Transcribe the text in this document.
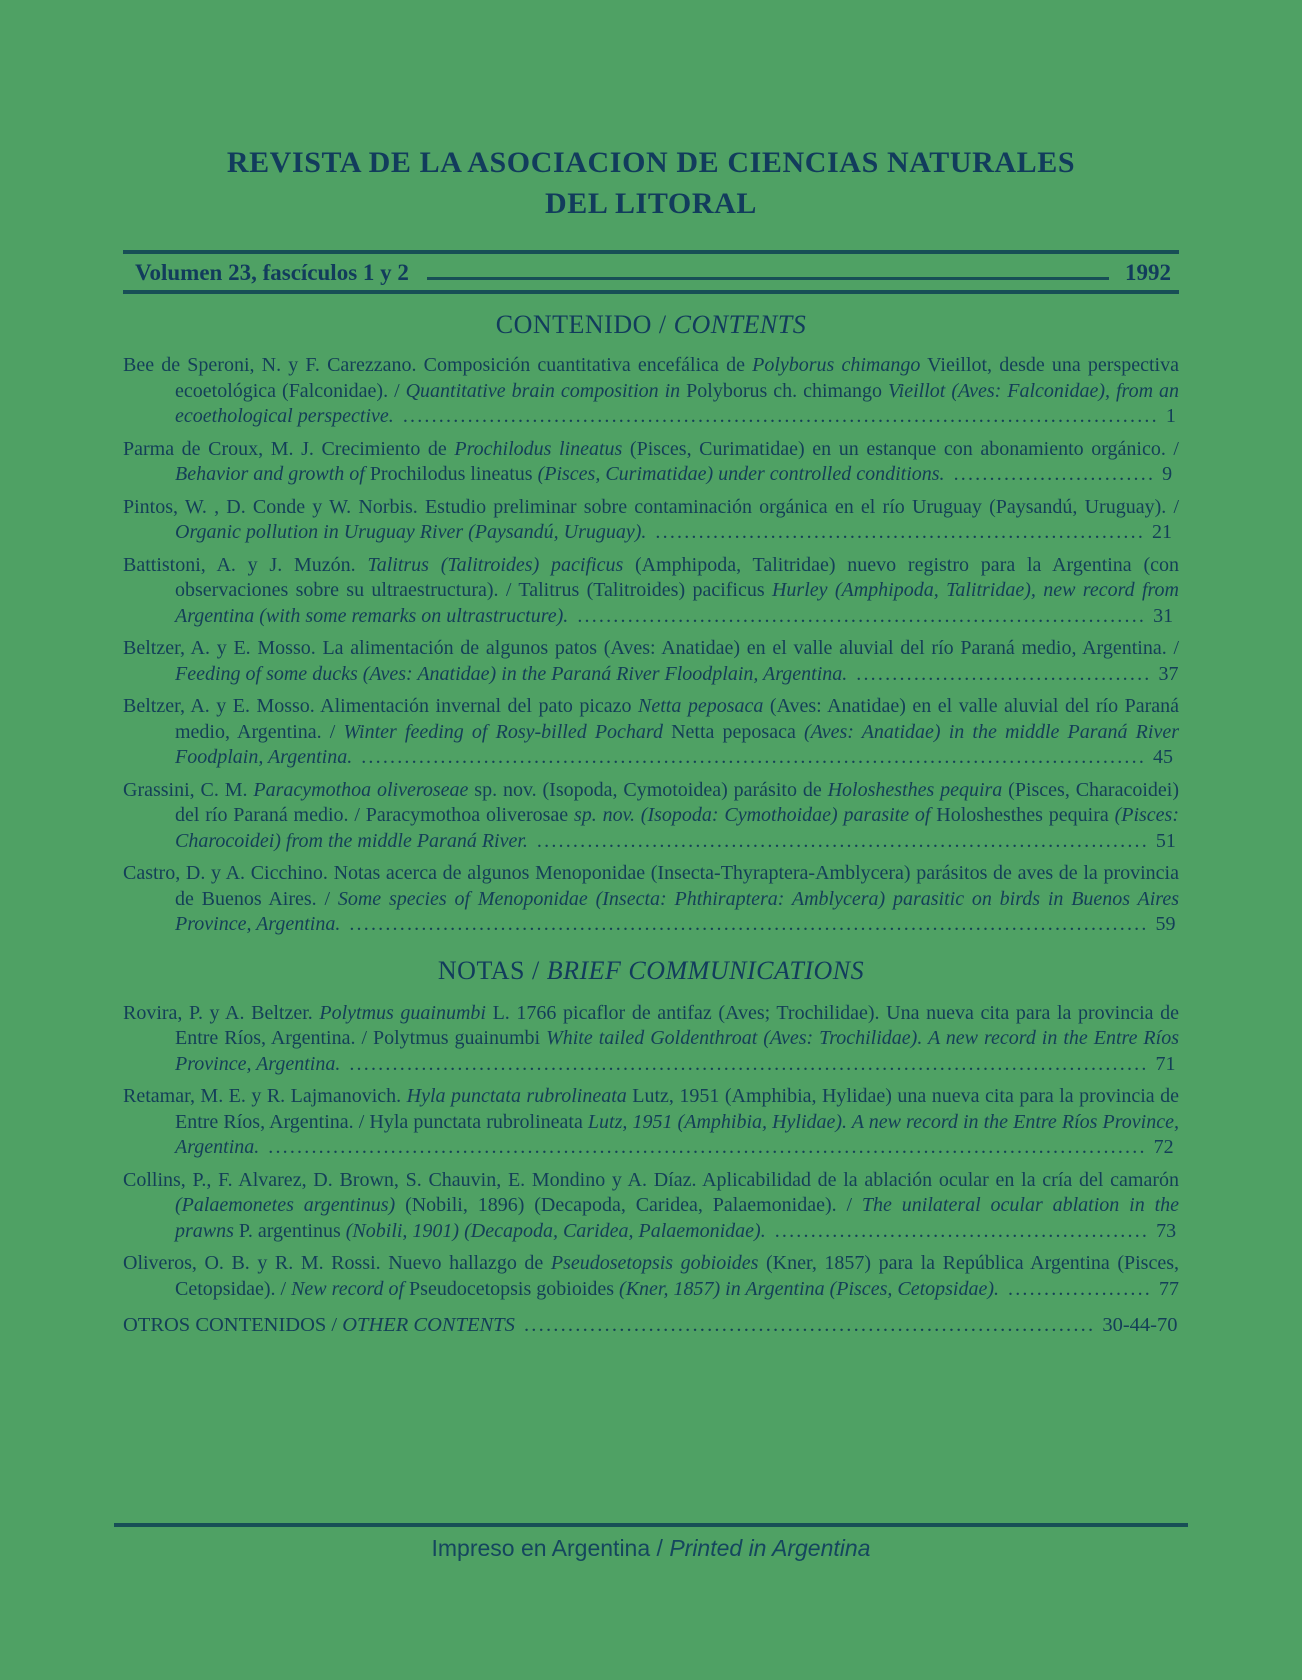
REVISTA DE LA ASOCIACION DE CIENCIAS NATURALES
DEL LITORAL
Volumen 23, fascículos 1 y 2	1992
CONTENIDO / CONTENTS

Bee de Speroni, N. y F. Carezzano. Composición cuantitativa encefálica de Polyborus chimango Vieillot, desde una perspectiva ecoetológica (Falconidae). / Quantitative brain composition in Polyborus ch. chimango Vieillot (Aves: Falconidae), from an ecoethological perspective. ......................................................................................................... 1

Parma de Croux, M. J. Crecimiento de Prochilodus lineatus (Pisces, Curimatidae) en un estanque con abonamiento orgánico. / Behavior and growth of Prochilodus lineatus (Pisces, Curimatidae) under controlled conditions. ............................ 9

Pintos, W. , D. Conde y W. Norbis. Estudio preliminar sobre contaminación orgánica en el río Uruguay (Paysandú, Uruguay). / Organic pollution in Uruguay River (Paysandú, Uruguay). .................................................................... 21

Battistoni, A. y J. Muzón. Talitrus (Talitroides) pacificus (Amphipoda, Talitridae) nuevo registro para la Argentina (con observaciones sobre su ultraestructura). / Talitrus (Talitroides) pacificus Hurley (Amphipoda, Talitridae), new record from Argentina (with some remarks on ultrastructure). ............................................................................... 31

Beltzer, A. y E. Mosso. La alimentación de algunos patos (Aves: Anatidae) en el valle aluvial del río Paraná medio, Argentina. / Feeding of some ducks (Aves: Anatidae) in the Paraná River Floodplain, Argentina. ......................................... 37

Beltzer, A. y E. Mosso. Alimentación invernal del pato picazo Netta peposaca (Aves: Anatidae) en el valle aluvial del río Paraná medio, Argentina. / Winter feeding of Rosy-billed Pochard Netta peposaca (Aves: Anatidae) in the middle Paraná River Foodplain, Argentina. ............................................................................................................. 45

Grassini, C. M. Paracymothoa oliveroseae sp. nov. (Isopoda, Cymotoidea) parásito de Holoshesthes pequira (Pisces, Characoidei) del río Paraná medio. / Paracymothoa oliverosae sp. nov. (Isopoda: Cymothoidae) parasite of Holoshesthes pequira (Pisces: Charocoidei) from the middle Paraná River. ..................................................................................... 51

Castro, D. y A. Cicchino. Notas acerca de algunos Menoponidae (Insecta-Thyraptera-Amblycera) parásitos de aves de la provincia de Buenos Aires. / Some species of Menoponidae (Insecta: Phthiraptera: Amblycera) parasitic on birds in Buenos Aires Province, Argentina. ............................................................................................................... 59

NOTAS / BRIEF COMMUNICATIONS

Rovira, P. y A. Beltzer. Polytmus guainumbi L. 1766 picaflor de antifaz (Aves; Trochilidae). Una nueva cita para la provincia de Entre Ríos, Argentina. / Polytmus guainumbi White tailed Goldenthroat (Aves: Trochilidae). A new record in the Entre Ríos Province, Argentina. ............................................................................................................... 71

Retamar, M. E. y R. Lajmanovich. Hyla punctata rubrolineata Lutz, 1951 (Amphibia, Hylidae) una nueva cita para la provincia de Entre Ríos, Argentina. / Hyla punctata rubrolineata Lutz, 1951 (Amphibia, Hylidae). A new record in the Entre Ríos Province, Argentina. .......................................................................................................................... 72

Collins, P., F. Alvarez, D. Brown, S. Chauvin, E. Mondino y A. Díaz. Aplicabilidad de la ablación ocular en la cría del camarón (Palaemonetes argentinus) (Nobili, 1896) (Decapoda, Caridea, Palaemonidae). / The unilateral ocular ablation in the prawns P. argentinus (Nobili, 1901) (Decapoda, Caridea, Palaemonidae). .................................................... 73

Oliveros, O. B. y R. M. Rossi. Nuevo hallazgo de Pseudosetopsis gobioides (Kner, 1857) para la República Argentina (Pisces, Cetopsidae). / New record of Pseudocetopsis gobioides (Kner, 1857) in Argentina (Pisces, Cetopsidae). .................... 77

OTROS CONTENIDOS / OTHER CONTENTS .............................................................................. 30-44-70

Impreso en Argentina / Printed in Argentina
